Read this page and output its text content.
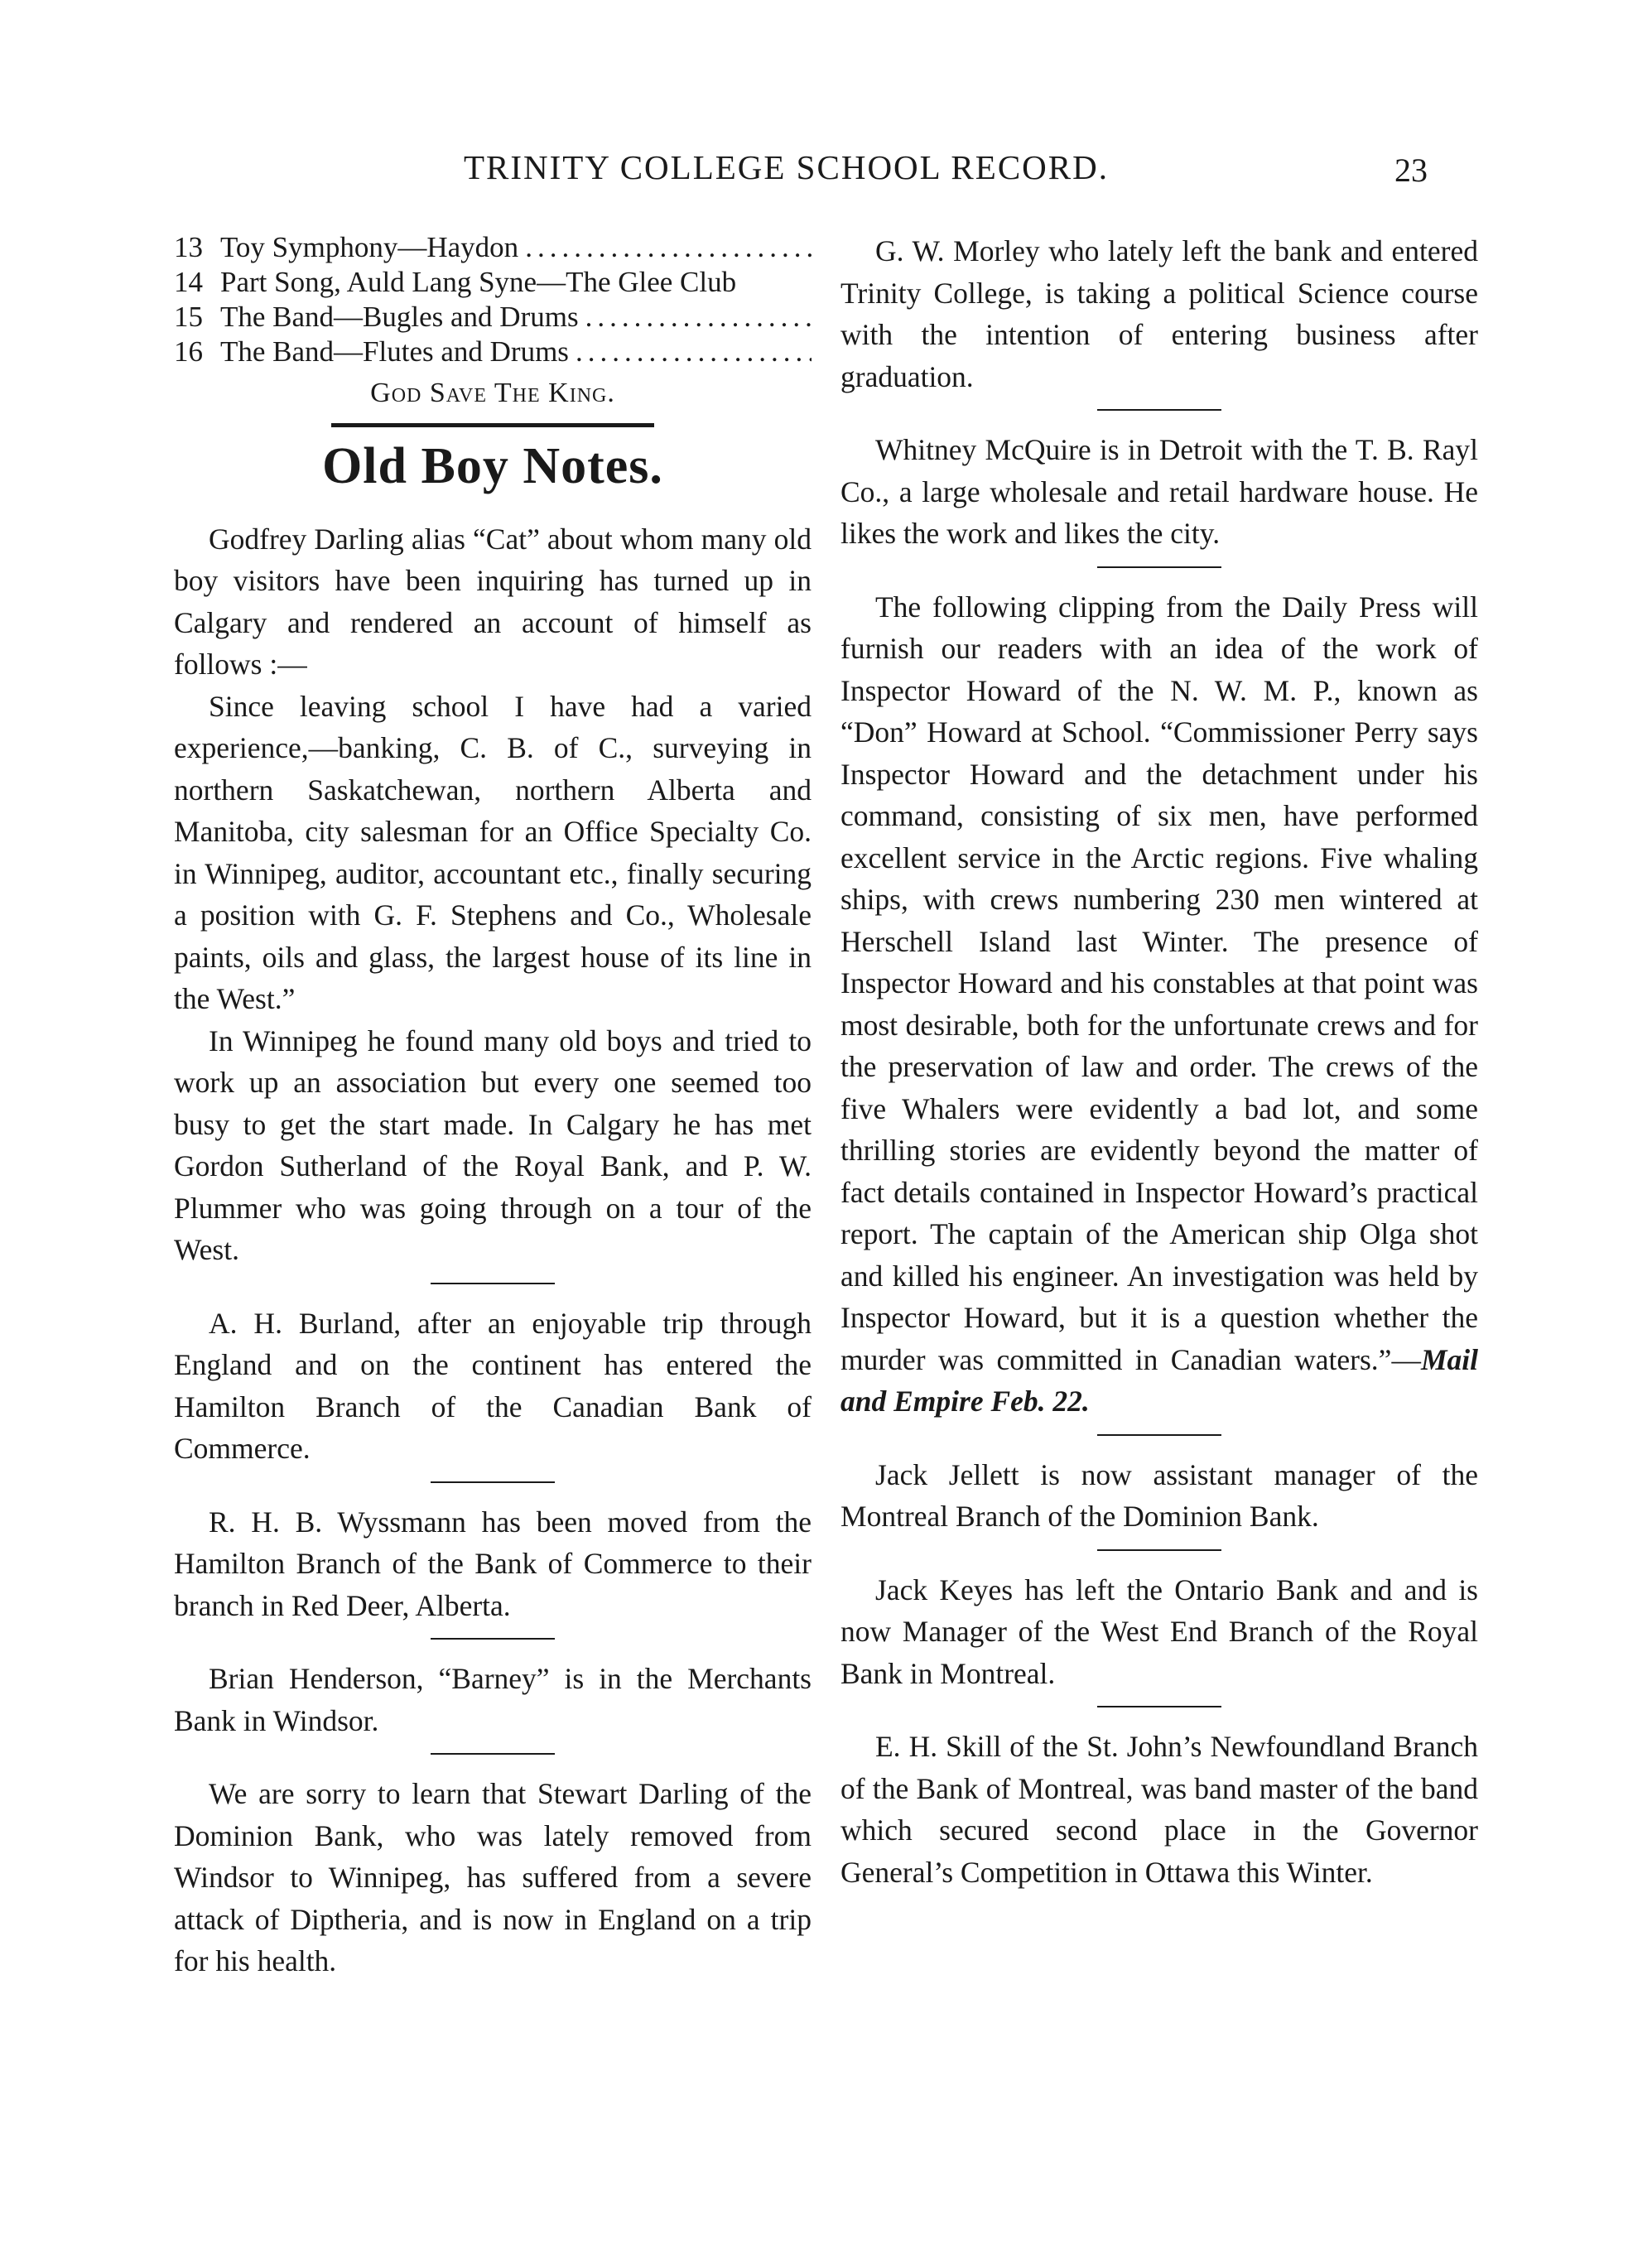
TRINITY COLLEGE SCHOOL RECORD.	23
13 Toy Symphony—Haydon
.....
14 Part Song, Auld Lang Syne—The Glee Club
15 The Band—Bugles and Drums
.....
16 The Band—Flutes and Drums
.....
God Save The King.
Old Boy Notes.

Godfrey Darling alias “Cat” about whom many old boy visitors have been inquiring has turned up in Calgary and rendered an account of himself as follows :—

Since leaving school I have had a varied experience,—banking, C. B. of C., surveying in northern Saskatchewan, northern Alberta and Manitoba, city salesman for an Office Specialty Co. in Winnipeg, auditor, accountant etc., finally securing a position with G. F. Stephens and Co., Wholesale paints, oils and glass, the largest house of its line in the West.”

In Winnipeg he found many old boys and tried to work up an association but every one seemed too busy to get the start made. In Calgary he has met Gordon Sutherland of the Royal Bank, and P. W. Plummer who was going through on a tour of the West.

A. H. Burland, after an enjoyable trip through England and on the continent has entered the Hamilton Branch of the Canadian Bank of Commerce.

R. H. B. Wyssmann has been moved from the Hamilton Branch of the Bank of Commerce to their branch in Red Deer, Alberta.

Brian Henderson, “Barney” is in the Merchants Bank in Windsor.

We are sorry to learn that Stewart Darling of the Dominion Bank, who was lately removed from Windsor to Winnipeg, has suffered from a severe attack of Diptheria, and is now in England on a trip for his health.

G. W. Morley who lately left the bank and entered Trinity College, is taking a political Science course with the intention of entering business after graduation.

Whitney McQuire is in Detroit with the T. B. Rayl Co., a large wholesale and retail hardware house. He likes the work and likes the city.

The following clipping from the Daily Press will furnish our readers with an idea of the work of Inspector Howard of the N. W. M. P., known as “Don” Howard at School. “Commissioner Perry says Inspector Howard and the detachment under his command, consisting of six men, have performed excellent service in the Arctic regions. Five whaling ships, with crews numbering 230 men wintered at Herschell Island last Winter. The presence of Inspector Howard and his constables at that point was most desirable, both for the unfortunate crews and for the preservation of law and order. The crews of the five Whalers were evidently a bad lot, and some thrilling stories are evidently beyond the matter of fact details contained in Inspector Howard’s practical report. The captain of the American ship Olga shot and killed his engineer. An investigation was held by Inspector Howard, but it is a question whether the murder was committed in Canadian waters.”—Mail and Empire Feb. 22.

Jack Jellett is now assistant manager of the Montreal Branch of the Dominion Bank.

Jack Keyes has left the Ontario Bank and and is now Manager of the West End Branch of the Royal Bank in Montreal.

E. H. Skill of the St. John’s Newfoundland Branch of the Bank of Montreal, was band master of the band which secured second place in the Governor General’s Competition in Ottawa this Winter.
